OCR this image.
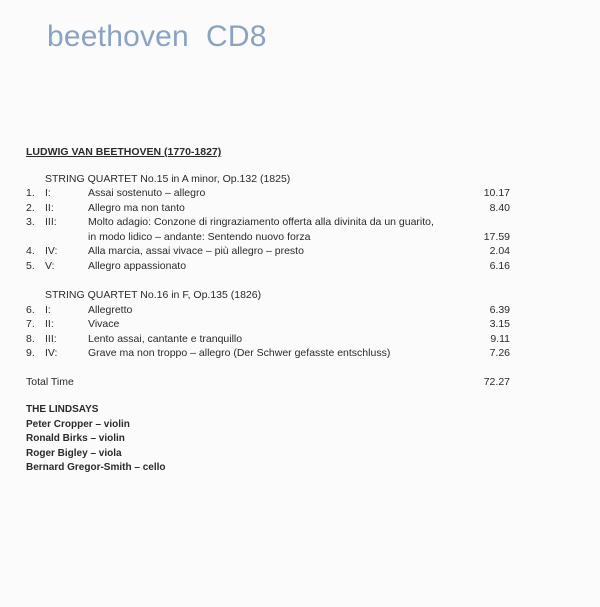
beethoven  CD8
LUDWIG VAN BEETHOVEN (1770-1827)
STRING QUARTET No.15 in A minor, Op.132 (1825)
1. I:	Assai sostenuto – allegro	10.17
2. II:	Allegro ma non tanto	8.40
3. III:	Molto adagio: Conzone di ringraziamento offerta alla divinita da un guarito,
in modo lidico – andante: Sentendo nuovo forza	17.59
4. IV:	Alla marcia, assai vivace – più allegro – presto	2.04
5. V:	Allegro appassionato	6.16
STRING QUARTET No.16 in F, Op.135 (1826)
6. I:	Allegretto	6.39
7. II:	Vivace	3.15
8. III:	Lento assai, cantante e tranquillo	9.11
9. IV:	Grave ma non troppo – allegro (Der Schwer gefasste entschluss)	7.26
Total Time	72.27
THE LINDSAYS
Peter Cropper – violin
Ronald Birks – violin
Roger Bigley – viola
Bernard Gregor-Smith – cello
